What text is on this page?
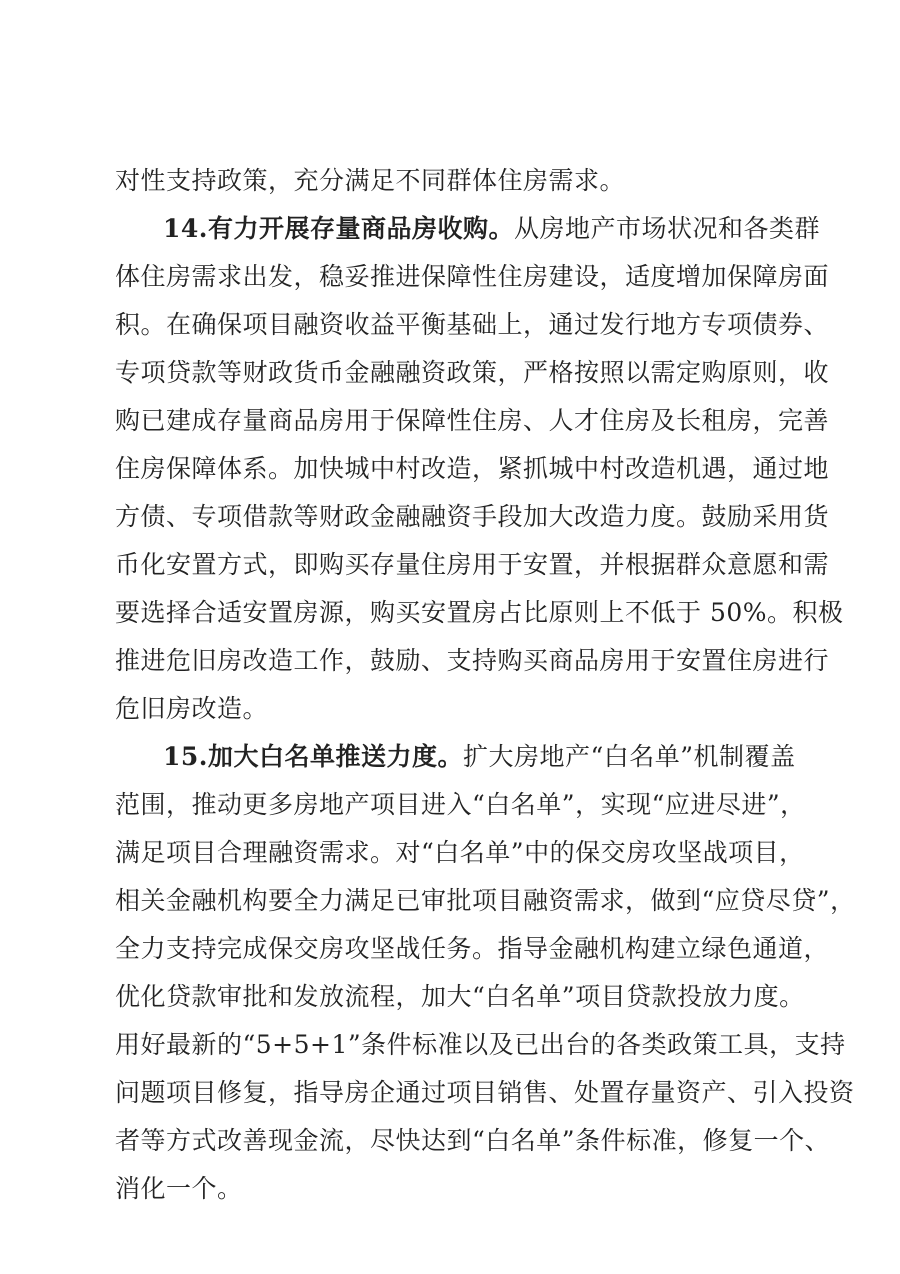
对性支持政策，充分满足不同群体住房需求。
14.有力开展存量商品房收购。从房地产市场状况和各类群
体住房需求出发，稳妥推进保障性住房建设，适度增加保障房面
积。在确保项目融资收益平衡基础上，通过发行地方专项债券、
专项贷款等财政货币金融融资政策，严格按照以需定购原则，收
购已建成存量商品房用于保障性住房、人才住房及长租房，完善
住房保障体系。加快城中村改造，紧抓城中村改造机遇，通过地
方债、专项借款等财政金融融资手段加大改造力度。鼓励采用货
币化安置方式，即购买存量住房用于安置，并根据群众意愿和需
要选择合适安置房源，购买安置房占比原则上不低于 50%。积极
推进危旧房改造工作，鼓励、支持购买商品房用于安置住房进行
危旧房改造。
15.加大白名单推送力度。扩大房地产“白名单”机制覆盖
范围，推动更多房地产项目进入“白名单”，实现“应进尽进”，
满足项目合理融资需求。对“白名单”中的保交房攻坚战项目，
相关金融机构要全力满足已审批项目融资需求，做到“应贷尽贷”，
全力支持完成保交房攻坚战任务。指导金融机构建立绿色通道，
优化贷款审批和发放流程，加大“白名单”项目贷款投放力度。
用好最新的“5+5+1”条件标准以及已出台的各类政策工具，支持
问题项目修复，指导房企通过项目销售、处置存量资产、引入投资
者等方式改善现金流，尽快达到“白名单”条件标准，修复一个、
消化一个。
